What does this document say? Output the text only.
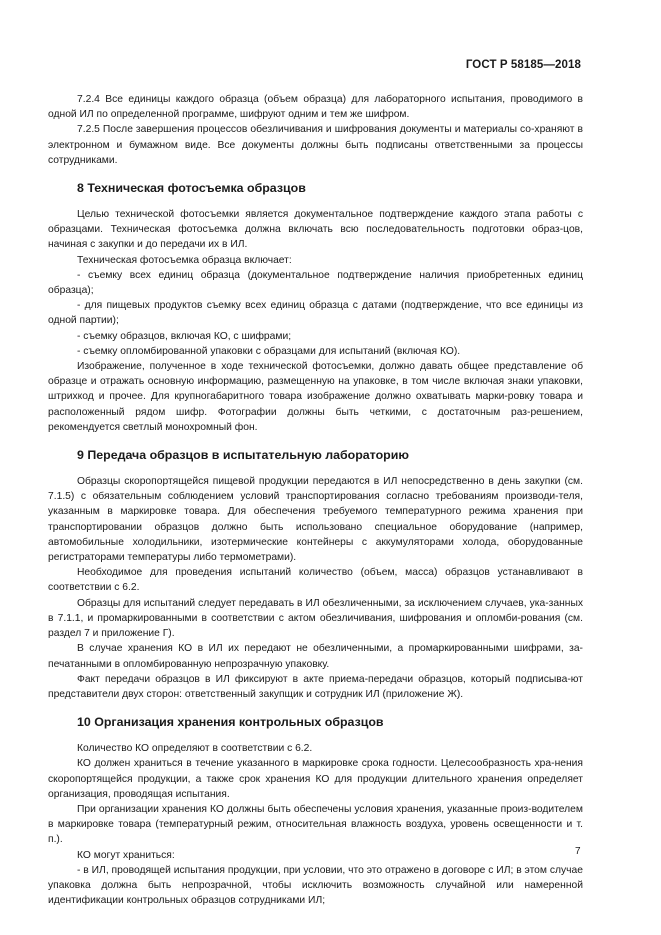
ГОСТ Р 58185—2018

7.2.4 Все единицы каждого образца (объем образца) для лабораторного испытания, проводимого в одной ИЛ по определенной программе, шифруют одним и тем же шифром.

7.2.5 После завершения процессов обезличивания и шифрования документы и материалы со-храняют в электронном и бумажном виде. Все документы должны быть подписаны ответственными за процессы сотрудниками.

8 Техническая фотосъемка образцов

Целью технической фотосъемки является документальное подтверждение каждого этапа работы с образцами. Техническая фотосъемка должна включать всю последовательность подготовки образ-цов, начиная с закупки и до передачи их в ИЛ.

Техническая фотосъемка образца включает:

- съемку всех единиц образца (документальное подтверждение наличия приобретенных единиц образца);

- для пищевых продуктов съемку всех единиц образца с датами (подтверждение, что все единицы из одной партии);

- съемку образцов, включая КО, с шифрами;

- съемку опломбированной упаковки с образцами для испытаний (включая КО).

Изображение, полученное в ходе технической фотосъемки, должно давать общее представление об образце и отражать основную информацию, размещенную на упаковке, в том числе включая знаки упаковки, штрихкод и прочее. Для крупногабаритного товара изображение должно охватывать марки-ровку товара и расположенный рядом шифр. Фотографии должны быть четкими, с достаточным раз-решением, рекомендуется светлый монохромный фон.

9 Передача образцов в испытательную лабораторию

Образцы скоропортящейся пищевой продукции передаются в ИЛ непосредственно в день закупки (см. 7.1.5) с обязательным соблюдением условий транспортирования согласно требованиям производи-теля, указанным в маркировке товара. Для обеспечения требуемого температурного режима хранения при транспортировании образцов должно быть использовано специальное оборудование (например, автомобильные холодильники, изотермические контейнеры с аккумуляторами холода, оборудованные регистраторами температуры либо термометрами).

Необходимое для проведения испытаний количество (объем, масса) образцов устанавливают в соответствии с 6.2.

Образцы для испытаний следует передавать в ИЛ обезличенными, за исключением случаев, ука-занных в 7.1.1, и промаркированными в соответствии с актом обезличивания, шифрования и опломби-рования (см. раздел 7 и приложение Г).

В случае хранения КО в ИЛ их передают не обезличенными, а промаркированными шифрами, за-печатанными в опломбированную непрозрачную упаковку.

Факт передачи образцов в ИЛ фиксируют в акте приема-передачи образцов, который подписыва-ют представители двух сторон: ответственный закупщик и сотрудник ИЛ (приложение Ж).

10 Организация хранения контрольных образцов

Количество КО определяют в соответствии с 6.2.

КО должен храниться в течение указанного в маркировке срока годности. Целесообразность хра-нения скоропортящейся продукции, а также срок хранения КО для продукции длительного хранения определяет организация, проводящая испытания.

При организации хранения КО должны быть обеспечены условия хранения, указанные произ-водителем в маркировке товара (температурный режим, относительная влажность воздуха, уровень освещенности и т. п.).

КО могут храниться:

- в ИЛ, проводящей испытания продукции, при условии, что это отражено в договоре с ИЛ; в этом случае упаковка должна быть непрозрачной, чтобы исключить возможность случайной или намеренной идентификации контрольных образцов сотрудниками ИЛ;

7
